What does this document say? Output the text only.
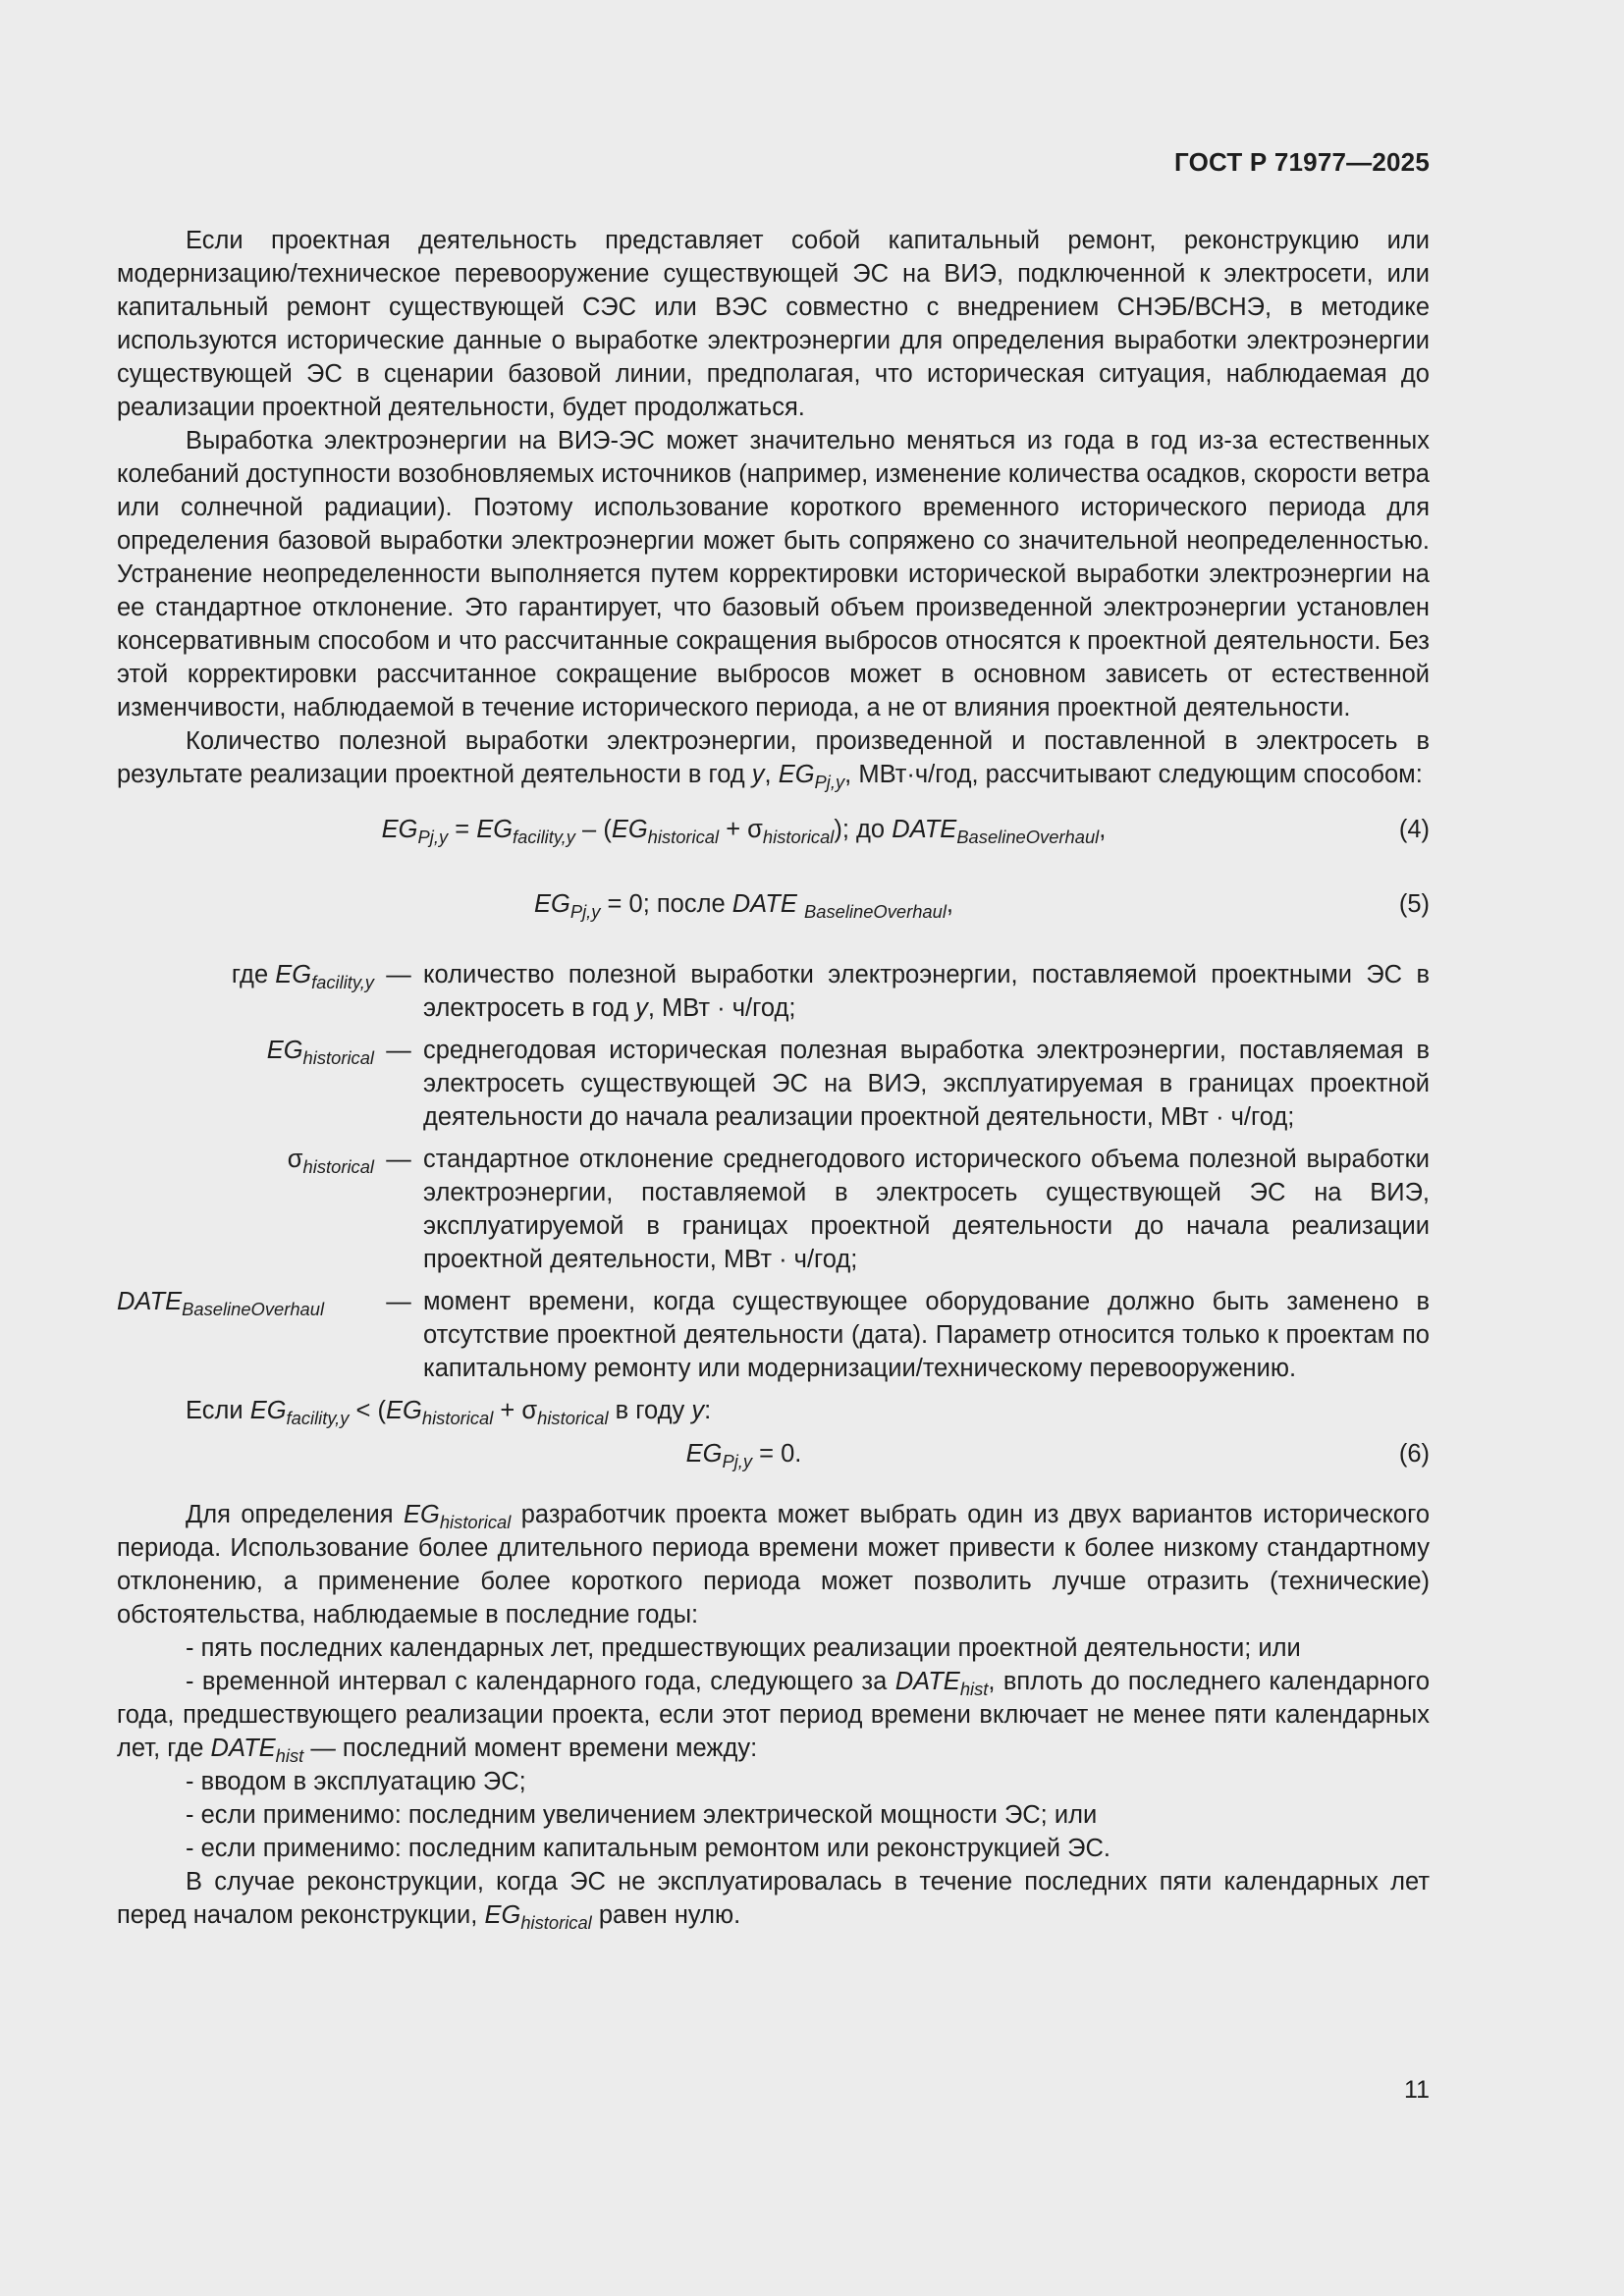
ГОСТ Р 71977—2025

Если проектная деятельность представляет собой капитальный ремонт, реконструкцию или модернизацию/техническое перевооружение существующей ЭС на ВИЭ, подключенной к электросети, или капитальный ремонт существующей СЭС или ВЭС совместно с внедрением СНЭБ/ВСНЭ, в методике используются исторические данные о выработке электроэнергии для определения выработки электроэнергии существующей ЭС в сценарии базовой линии, предполагая, что историческая ситуация, наблюдаемая до реализации проектной деятельности, будет продолжаться.

Выработка электроэнергии на ВИЭ-ЭС может значительно меняться из года в год из-за естественных колебаний доступности возобновляемых источников (например, изменение количества осадков, скорости ветра или солнечной радиации). Поэтому использование короткого временного исторического периода для определения базовой выработки электроэнергии может быть сопряжено со значительной неопределенностью. Устранение неопределенности выполняется путем корректировки исторической выработки электроэнергии на ее стандартное отклонение. Это гарантирует, что базовый объем произведенной электроэнергии установлен консервативным способом и что рассчитанные сокращения выбросов относятся к проектной деятельности. Без этой корректировки рассчитанное сокращение выбросов может в основном зависеть от естественной изменчивости, наблюдаемой в течение исторического периода, а не от влияния проектной деятельности.

Количество полезной выработки электроэнергии, произведенной и поставленной в электросеть в результате реализации проектной деятельности в год y, $EG_{Pj,y}$, МВт·ч/год, рассчитывают следующим способом:

$EG_{Pj,y} = EG_{facility,y} - (EG_{historical} + \sigma_{historical})$; до $DATE_{BaselineOverhaul}$,	(4)
$EG_{Pj,y} = 0$; после DATE $_{BaselineOverhaul}$,	(5)
где $EG_{facility,y}$ — количество полезной выработки электроэнергии, поставляемой проектными ЭС в электросеть в год y, МВт · ч/год;
$EG_{historical}$ — среднегодовая историческая полезная выработка электроэнергии, поставляемая в электросеть существующей ЭС на ВИЭ, эксплуатируемая в границах проектной деятельности до начала реализации проектной деятельности, МВт · ч/год;
$\sigma_{historical}$ — стандартное отклонение среднегодового исторического объема полезной выработки электроэнергии, поставляемой в электросеть существующей ЭС на ВИЭ, эксплуатируемой в границах проектной деятельности до начала реализации проектной деятельности, МВт · ч/год;
$DATE_{BaselineOverhaul}$	— момент времени, когда существующее оборудование должно быть заменено в отсутствие проектной деятельности (дата). Параметр относится только к проектам по капитальному ремонту или модернизации/техническому перевооружению.

Если $EG_{facility,y} < (EG_{historical} + \sigma_{historical}$ в году y:

$EG_{Pj,y} = 0$.	(6)

Для определения $EG_{historical}$ разработчик проекта может выбрать один из двух вариантов исторического периода. Использование более длительного периода времени может привести к более низкому стандартному отклонению, а применение более короткого периода может позволить лучше отразить (технические) обстоятельства, наблюдаемые в последние годы:

- пять последних календарных лет, предшествующих реализации проектной деятельности; или

- временной интервал с календарного года, следующего за $DATE_{hist}$, вплоть до последнего календарного года, предшествующего реализации проекта, если этот период времени включает не менее пяти календарных лет, где $DATE_{hist}$ — последний момент времени между:

- вводом в эксплуатацию ЭС;

- если применимо: последним увеличением электрической мощности ЭС; или

- если применимо: последним капитальным ремонтом или реконструкцией ЭС.

В случае реконструкции, когда ЭС не эксплуатировалась в течение последних пяти календарных лет перед началом реконструкции, $EG_{historical}$ равен нулю.

11
